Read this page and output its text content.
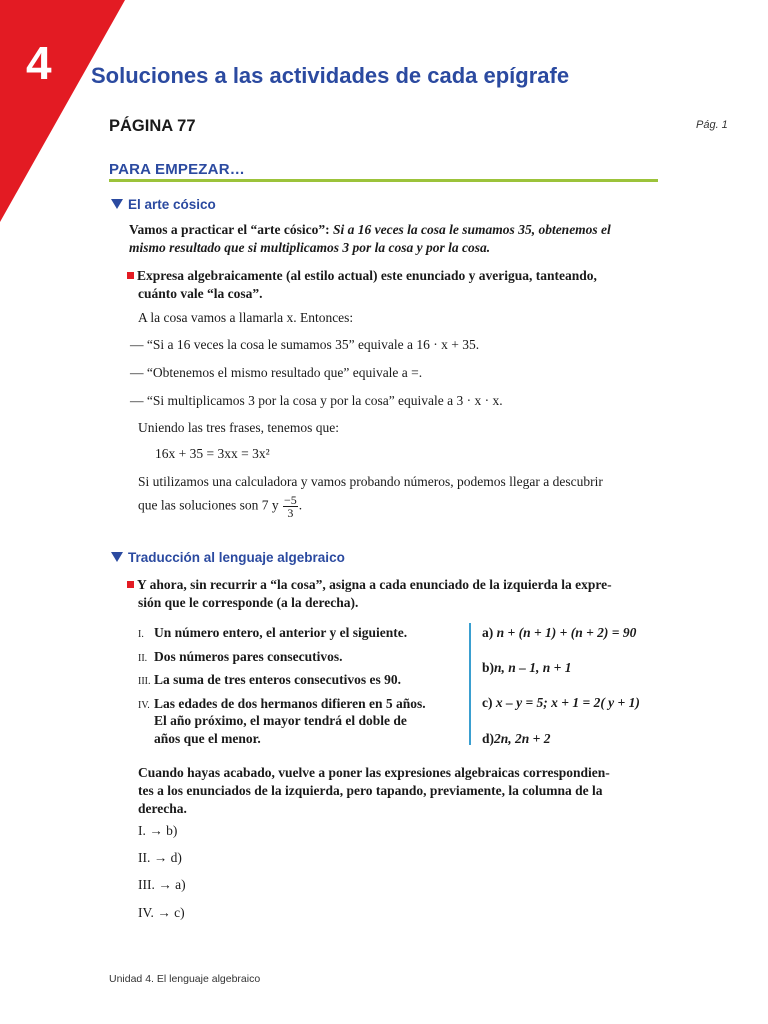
4	Soluciones a las actividades de cada epígrafe
PÁGINA 77	Pág. 1
PARA EMPEZAR…
El arte cósico
Vamos a practicar el “arte cósico”: Si a 16 veces la cosa le sumamos 35, obtenemos el
mismo resultado que si multiplicamos 3 por la cosa y por la cosa.
Expresa algebraicamente (al estilo actual) este enunciado y averigua, tanteando,
cuánto vale “la cosa”.
A la cosa vamos a llamarla x. Entonces:
— “Si a 16 veces la cosa le sumamos 35” equivale a 16 · x + 35.
— “Obtenemos el mismo resultado que” equivale a =.
— “Si multiplicamos 3 por la cosa y por la cosa” equivale a 3 · x · x.
Uniendo las tres frases, tenemos que:
16x + 35 = 3xx = 3x²
Si utilizamos una calculadora y vamos probando números, podemos llegar a descubrir
que las soluciones son 7 y $\frac{-5}{3}$ .
Traducción al lenguaje algebraico
Y ahora, sin recurrir a “la cosa”, asigna a cada enunciado de la izquierda la expre-
sión que le corresponde (a la derecha).
I. Un número entero, el anterior y el siguiente.
II. Dos números pares consecutivos.
III. La suma de tres enteros consecutivos es 90.
IV. Las edades de dos hermanos difieren en 5 años.
El año próximo, el mayor tendrá el doble de
años que el menor.
a) n + (n + 1) + (n + 2) = 90
b)n, n – 1, n + 1
c) x – y = 5; x + 1 = 2( y + 1)
d)2n, 2n + 2
Cuando hayas acabado, vuelve a poner las expresiones algebraicas correspondien-
tes a los enunciados de la izquierda, pero tapando, previamente, la columna de la
derecha.
I. → b)
II. → d)
III. → a)
IV. → c)
Unidad 4. El lenguaje algebraico
